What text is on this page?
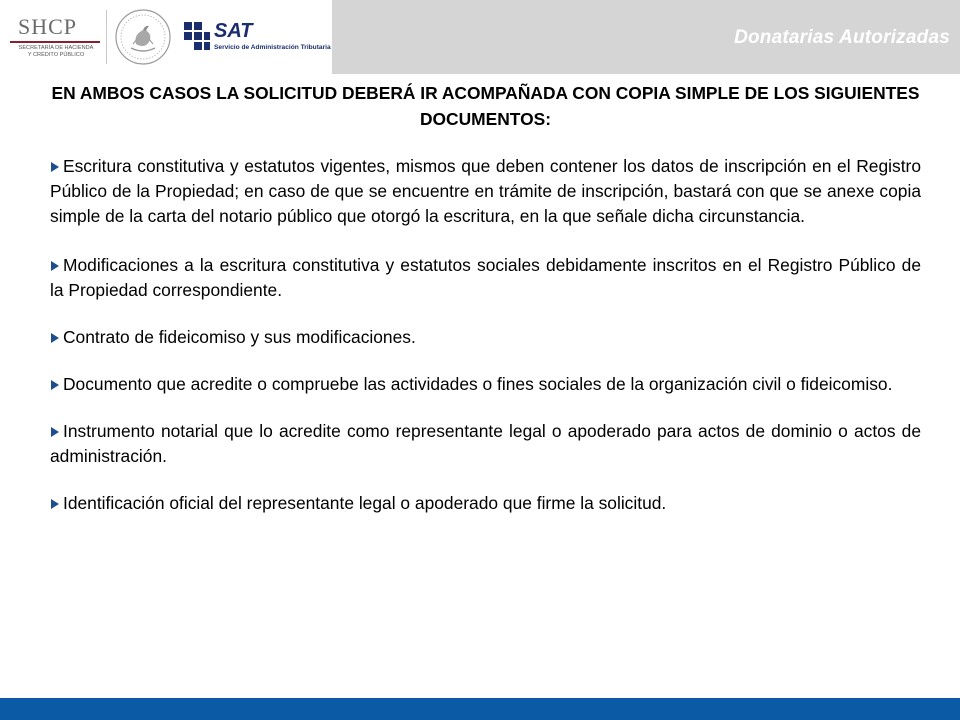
SHCP
SECRETARÍA DE HACIENDA
Y CRÉDITO PÚBLICO
SAT
Servicio de Administración Tributaria	Donatarias Autorizadas
EN AMBOS CASOS LA SOLICITUD DEBERÁ IR ACOMPAÑADA CON COPIA SIMPLE DE LOS SIGUIENTES DOCUMENTOS:
Escritura constitutiva y estatutos vigentes, mismos que deben contener los datos de inscripción en el Registro Público de la Propiedad; en caso de que se encuentre en trámite de inscripción, bastará con que se anexe copia simple de la carta del notario público que otorgó la escritura, en la que señale dicha circunstancia.
Modificaciones a la escritura constitutiva y estatutos sociales debidamente inscritos en el Registro Público de la Propiedad correspondiente.
Contrato de fideicomiso y sus modificaciones.
Documento que acredite o compruebe las actividades o fines sociales de la organización civil o fideicomiso.
Instrumento notarial que lo acredite como representante legal o apoderado para actos de dominio o actos de administración.
Identificación oficial del representante legal o apoderado que firme la solicitud.
